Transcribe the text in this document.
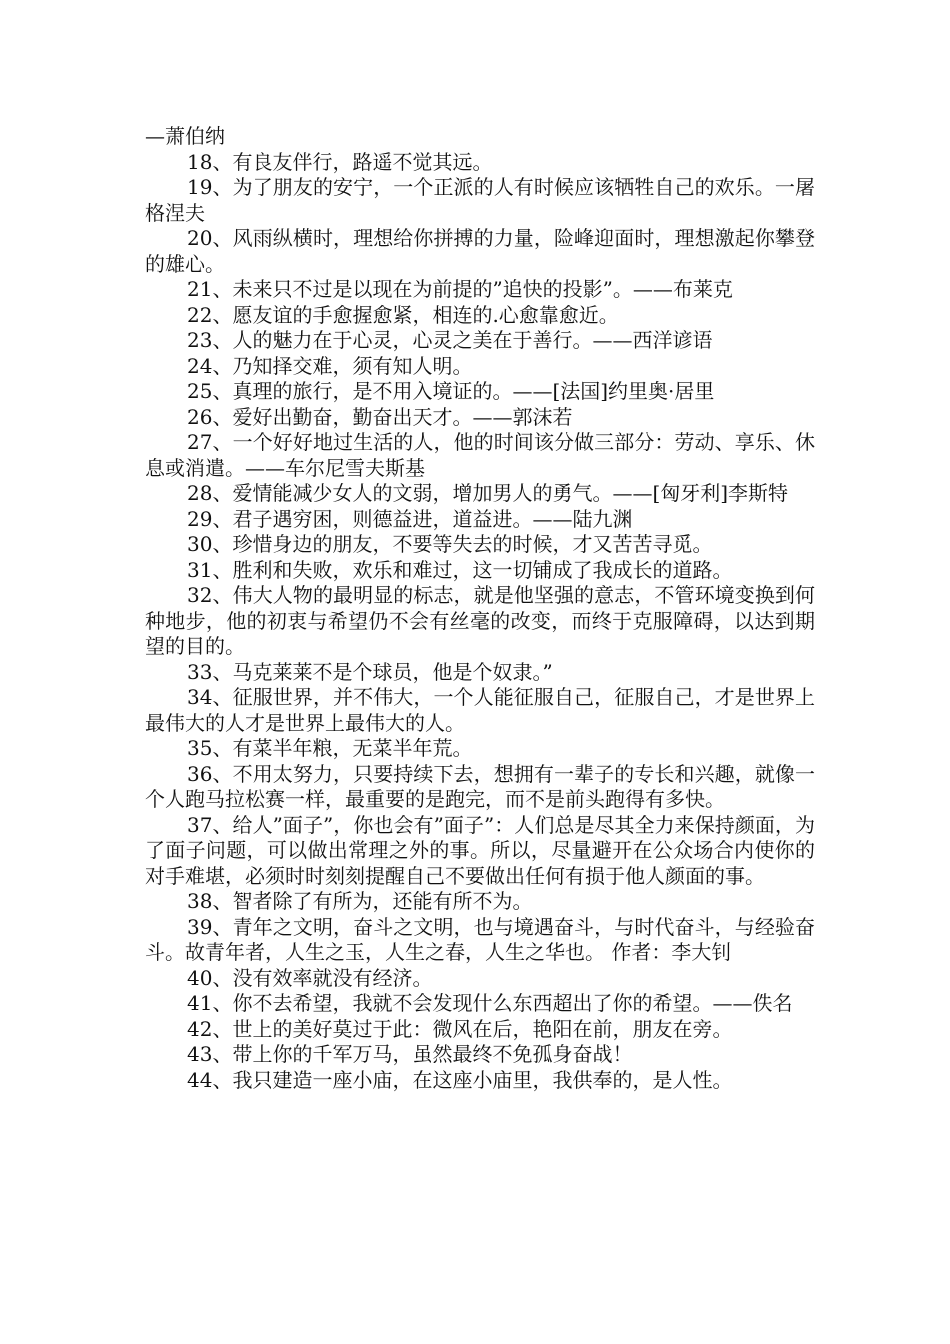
—萧伯纳

18、有良友伴行，路遥不觉其远。

19、为了朋友的安宁，一个正派的人有时候应该牺牲自己的欢乐。一屠格涅夫

20、风雨纵横时，理想给你拼搏的力量，险峰迎面时，理想激起你攀登的雄心。

21、未来只不过是以现在为前提的”追快的投影”。——布莱克

22、愿友谊的手愈握愈紧，相连的.心愈靠愈近。

23、人的魅力在于心灵，心灵之美在于善行。——西洋谚语

24、乃知择交难，须有知人明。

25、真理的旅行，是不用入境证的。——[法国]约里奥·居里

26、爱好出勤奋，勤奋出天才。——郭沫若

27、一个好好地过生活的人，他的时间该分做三部分：劳动、享乐、休息或消遣。——车尔尼雪夫斯基

28、爱情能减少女人的文弱，增加男人的勇气。——[匈牙利]李斯特

29、君子遇穷困，则德益进，道益进。——陆九渊

30、珍惜身边的朋友，不要等失去的时候，才又苦苦寻觅。

31、胜利和失败，欢乐和难过，这一切铺成了我成长的道路。

32、伟大人物的最明显的标志，就是他坚强的意志，不管环境变换到何种地步，他的初衷与希望仍不会有丝毫的改变，而终于克服障碍，以达到期望的目的。

33、马克莱莱不是个球员，他是个奴隶。”

34、征服世界，并不伟大，一个人能征服自己，征服自己，才是世界上最伟大的人才是世界上最伟大的人。

35、有菜半年粮，无菜半年荒。

36、不用太努力，只要持续下去，想拥有一辈子的专长和兴趣，就像一个人跑马拉松赛一样，最重要的是跑完，而不是前头跑得有多快。

37、给人”面子”，你也会有”面子”：人们总是尽其全力来保持颜面，为了面子问题，可以做出常理之外的事。所以，尽量避开在公众场合内使你的对手难堪，必须时时刻刻提醒自己不要做出任何有损于他人颜面的事。

38、智者除了有所为，还能有所不为。

39、青年之文明，奋斗之文明，也与境遇奋斗，与时代奋斗，与经验奋斗。故青年者，人生之玉，人生之春，人生之华也。 作者：李大钊

40、没有效率就没有经济。

41、你不去希望，我就不会发现什么东西超出了你的希望。——佚名

42、世上的美好莫过于此：微风在后，艳阳在前，朋友在旁。

43、带上你的千军万马，虽然最终不免孤身奋战！

44、我只建造一座小庙，在这座小庙里，我供奉的，是人性。
